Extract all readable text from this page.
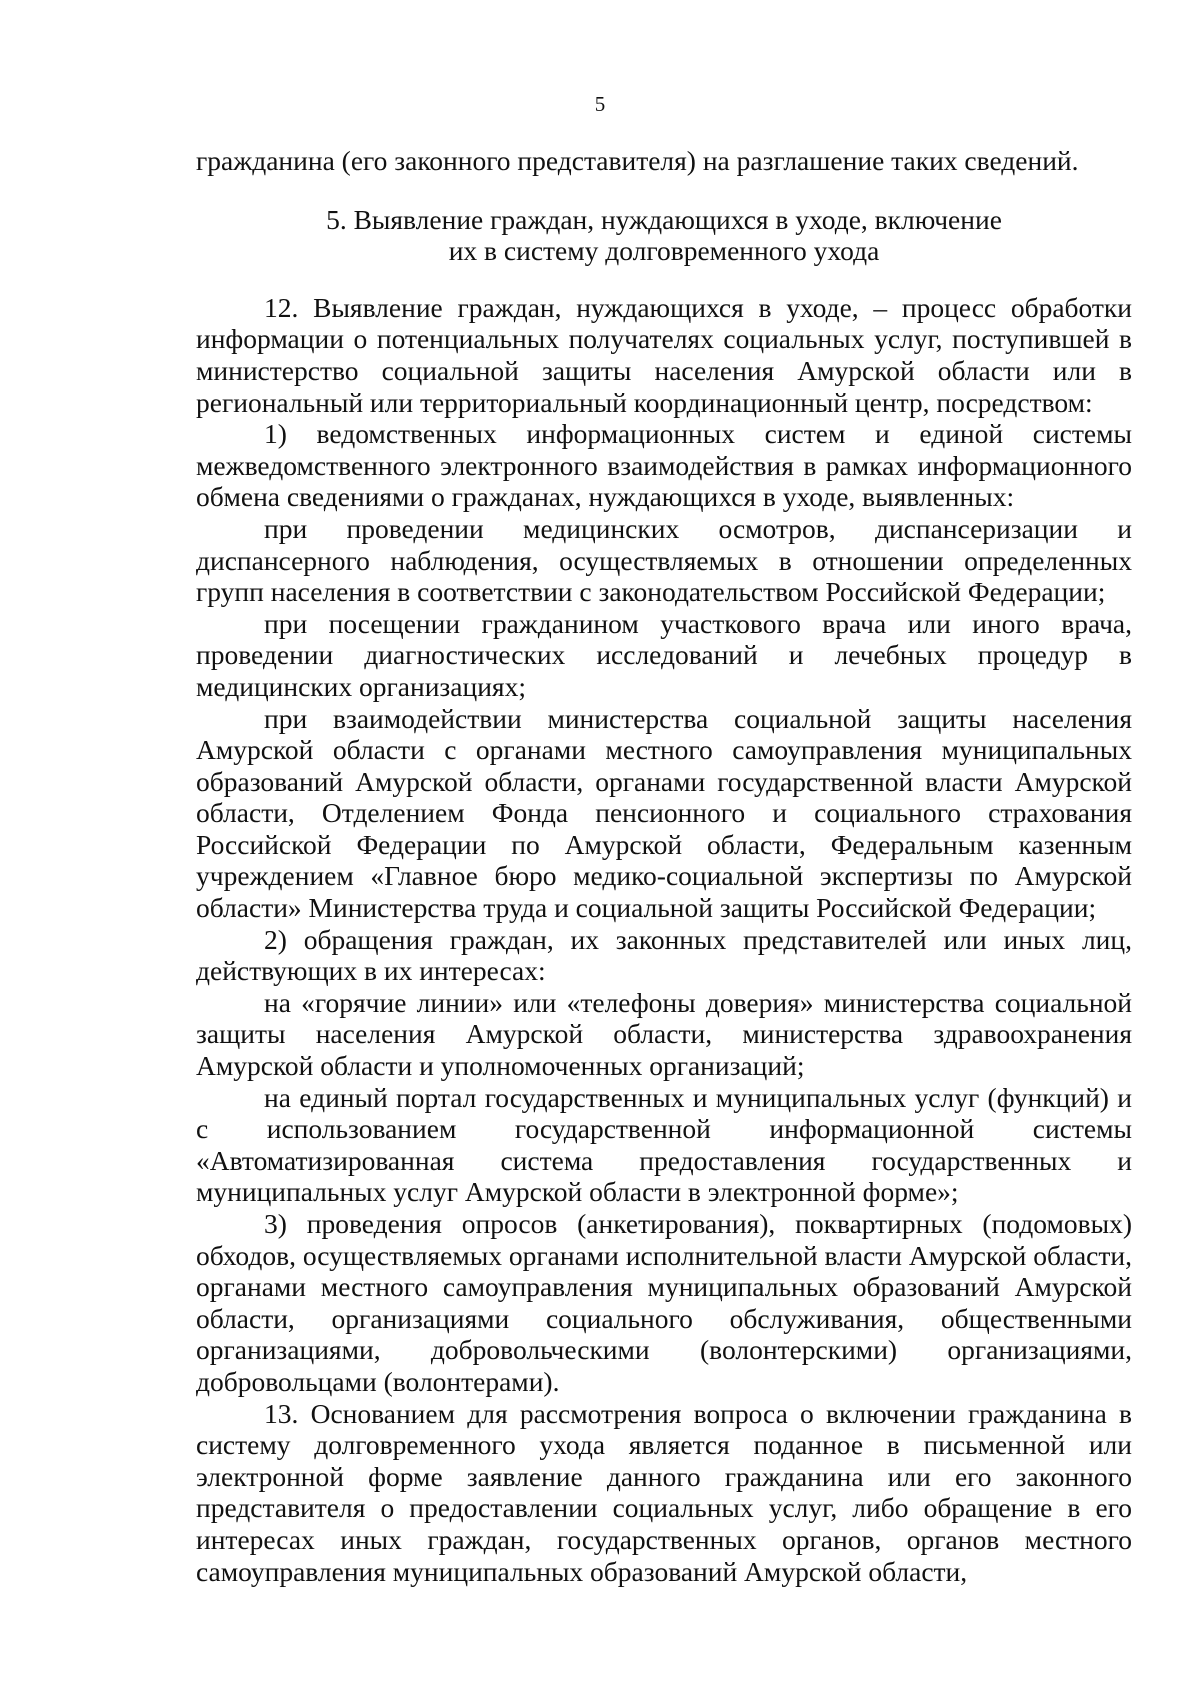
5

гражданина (его законного представителя) на разглашение таких сведений.

5. Выявление граждан, нуждающихся в уходе, включение
их в систему долговременного ухода

12. Выявление граждан, нуждающихся в уходе, – процесс обработки информации о потенциальных получателях социальных услуг, поступившей в министерство социальной защиты населения Амурской области или в региональный или территориальный координационный центр, посредством:

1) ведомственных информационных систем и единой системы межведомственного электронного взаимодействия в рамках информационного обмена сведениями о гражданах, нуждающихся в уходе, выявленных:

при проведении медицинских осмотров, диспансеризации и диспансерного наблюдения, осуществляемых в отношении определенных групп населения в соответствии с законодательством Российской Федерации;

при посещении гражданином участкового врача или иного врача, проведении диагностических исследований и лечебных процедур в медицинских организациях;

при взаимодействии министерства социальной защиты населения Амурской области с органами местного самоуправления муниципальных образований Амурской области, органами государственной власти Амурской области, Отделением Фонда пенсионного и социального страхования Российской Федерации по Амурской области, Федеральным казенным учреждением «Главное бюро медико-социальной экспертизы по Амурской области» Министерства труда и социальной защиты Российской Федерации;

2) обращения граждан, их законных представителей или иных лиц, действующих в их интересах:

на «горячие линии» или «телефоны доверия» министерства социальной защиты населения Амурской области, министерства здравоохранения Амурской области и уполномоченных организаций;

на единый портал государственных и муниципальных услуг (функций) и с использованием государственной информационной системы «Автоматизированная система предоставления государственных и муниципальных услуг Амурской области в электронной форме»;

3) проведения опросов (анкетирования), поквартирных (подомовых) обходов, осуществляемых органами исполнительной власти Амурской области, органами местного самоуправления муниципальных образований Амурской области, организациями социального обслуживания, общественными организациями, добровольческими (волонтерскими) организациями, добровольцами (волонтерами).

13. Основанием для рассмотрения вопроса о включении гражданина в систему долговременного ухода является поданное в письменной или электронной форме заявление данного гражданина или его законного представителя о предоставлении социальных услуг, либо обращение в его интересах иных граждан, государственных органов, органов местного самоуправления муниципальных образований Амурской области,
